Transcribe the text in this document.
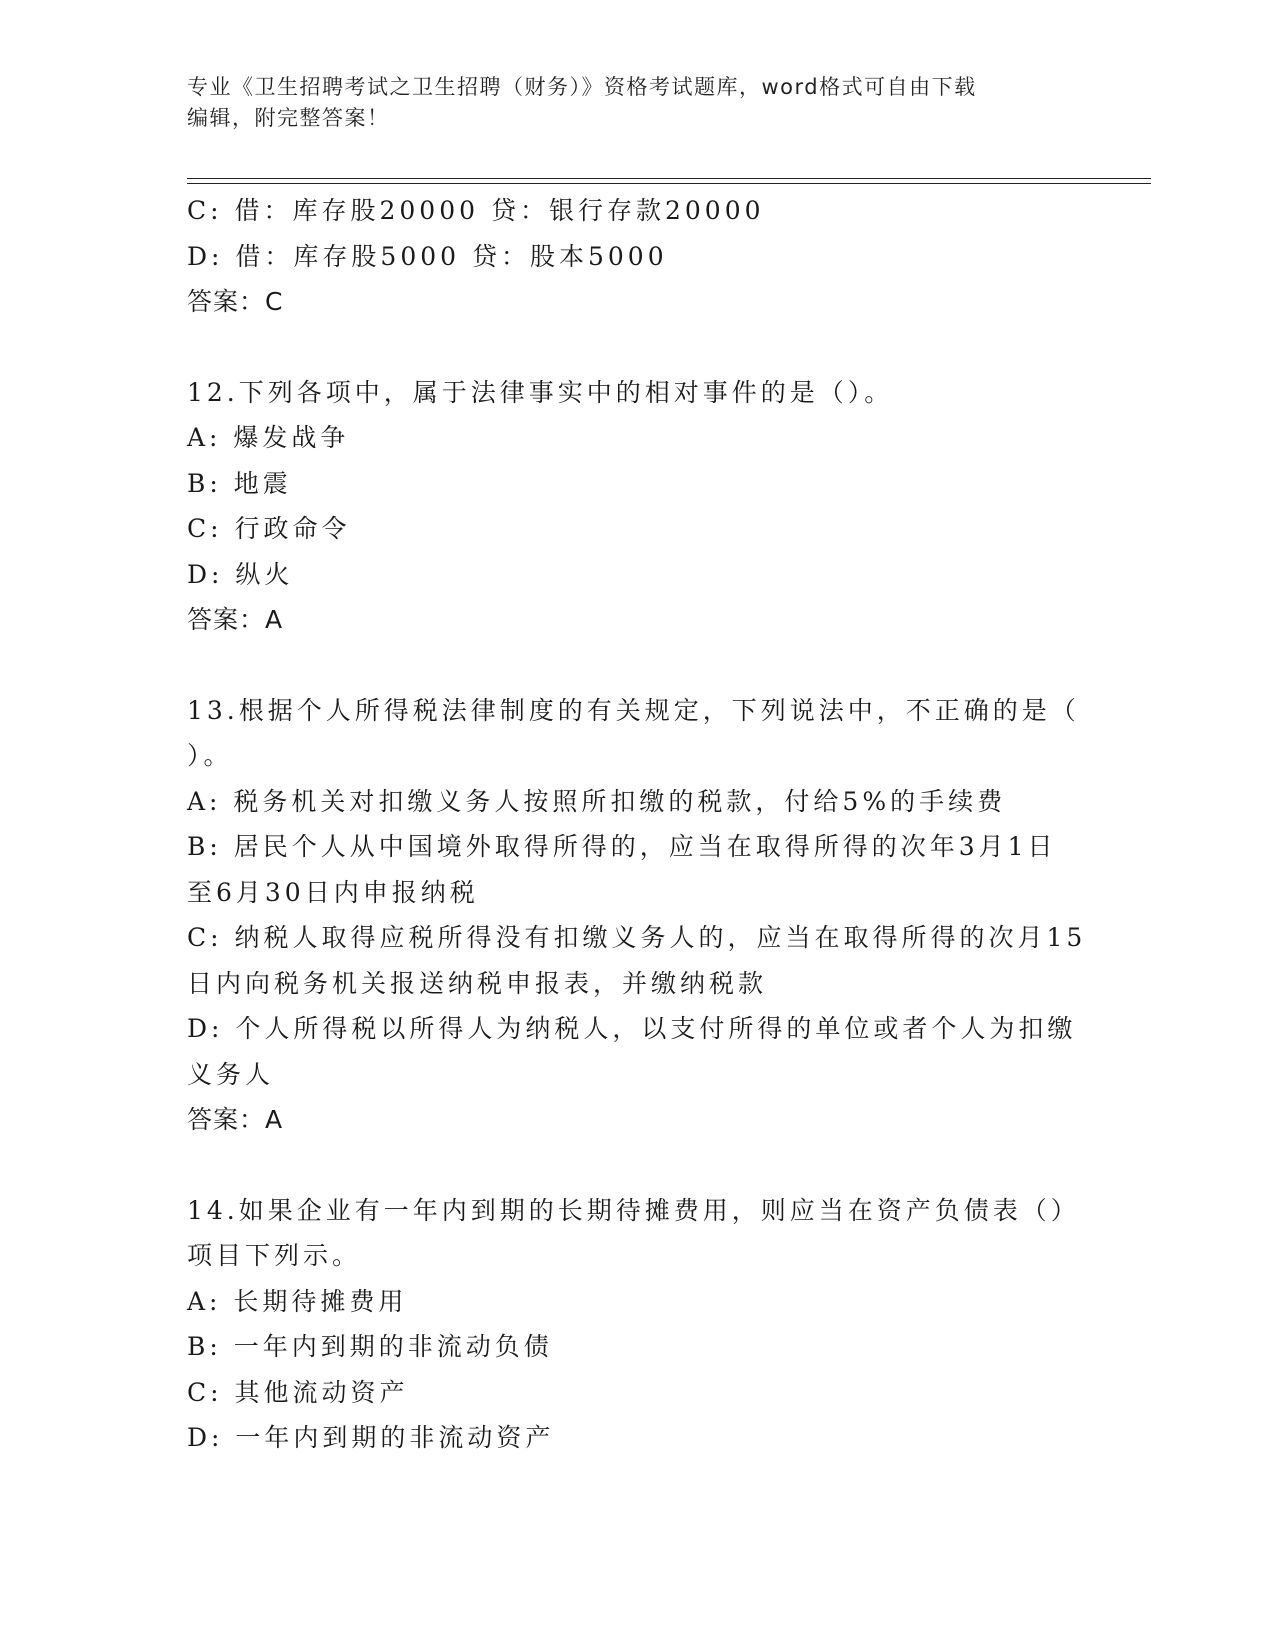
专业《卫生招聘考试之卫生招聘（财务）》资格考试题库，word格式可自由下载
编辑，附完整答案！

C: 借：库存股20000 贷：银行存款20000

D: 借：库存股5000 贷：股本5000

答案：C

12.下列各项中，属于法律事实中的相对事件的是（）。

A: 爆发战争

B: 地震

C: 行政命令

D: 纵火

答案：A

13.根据个人所得税法律制度的有关规定，下列说法中，不正确的是（

）。

A: 税务机关对扣缴义务人按照所扣缴的税款，付给5%的手续费

B: 居民个人从中国境外取得所得的，应当在取得所得的次年3月1日

至6月30日内申报纳税

C: 纳税人取得应税所得没有扣缴义务人的，应当在取得所得的次月15

日内向税务机关报送纳税申报表，并缴纳税款

D: 个人所得税以所得人为纳税人，以支付所得的单位或者个人为扣缴

义务人

答案：A

14.如果企业有一年内到期的长期待摊费用，则应当在资产负债表（）

项目下列示。

A: 长期待摊费用

B: 一年内到期的非流动负债

C: 其他流动资产

D: 一年内到期的非流动资产
